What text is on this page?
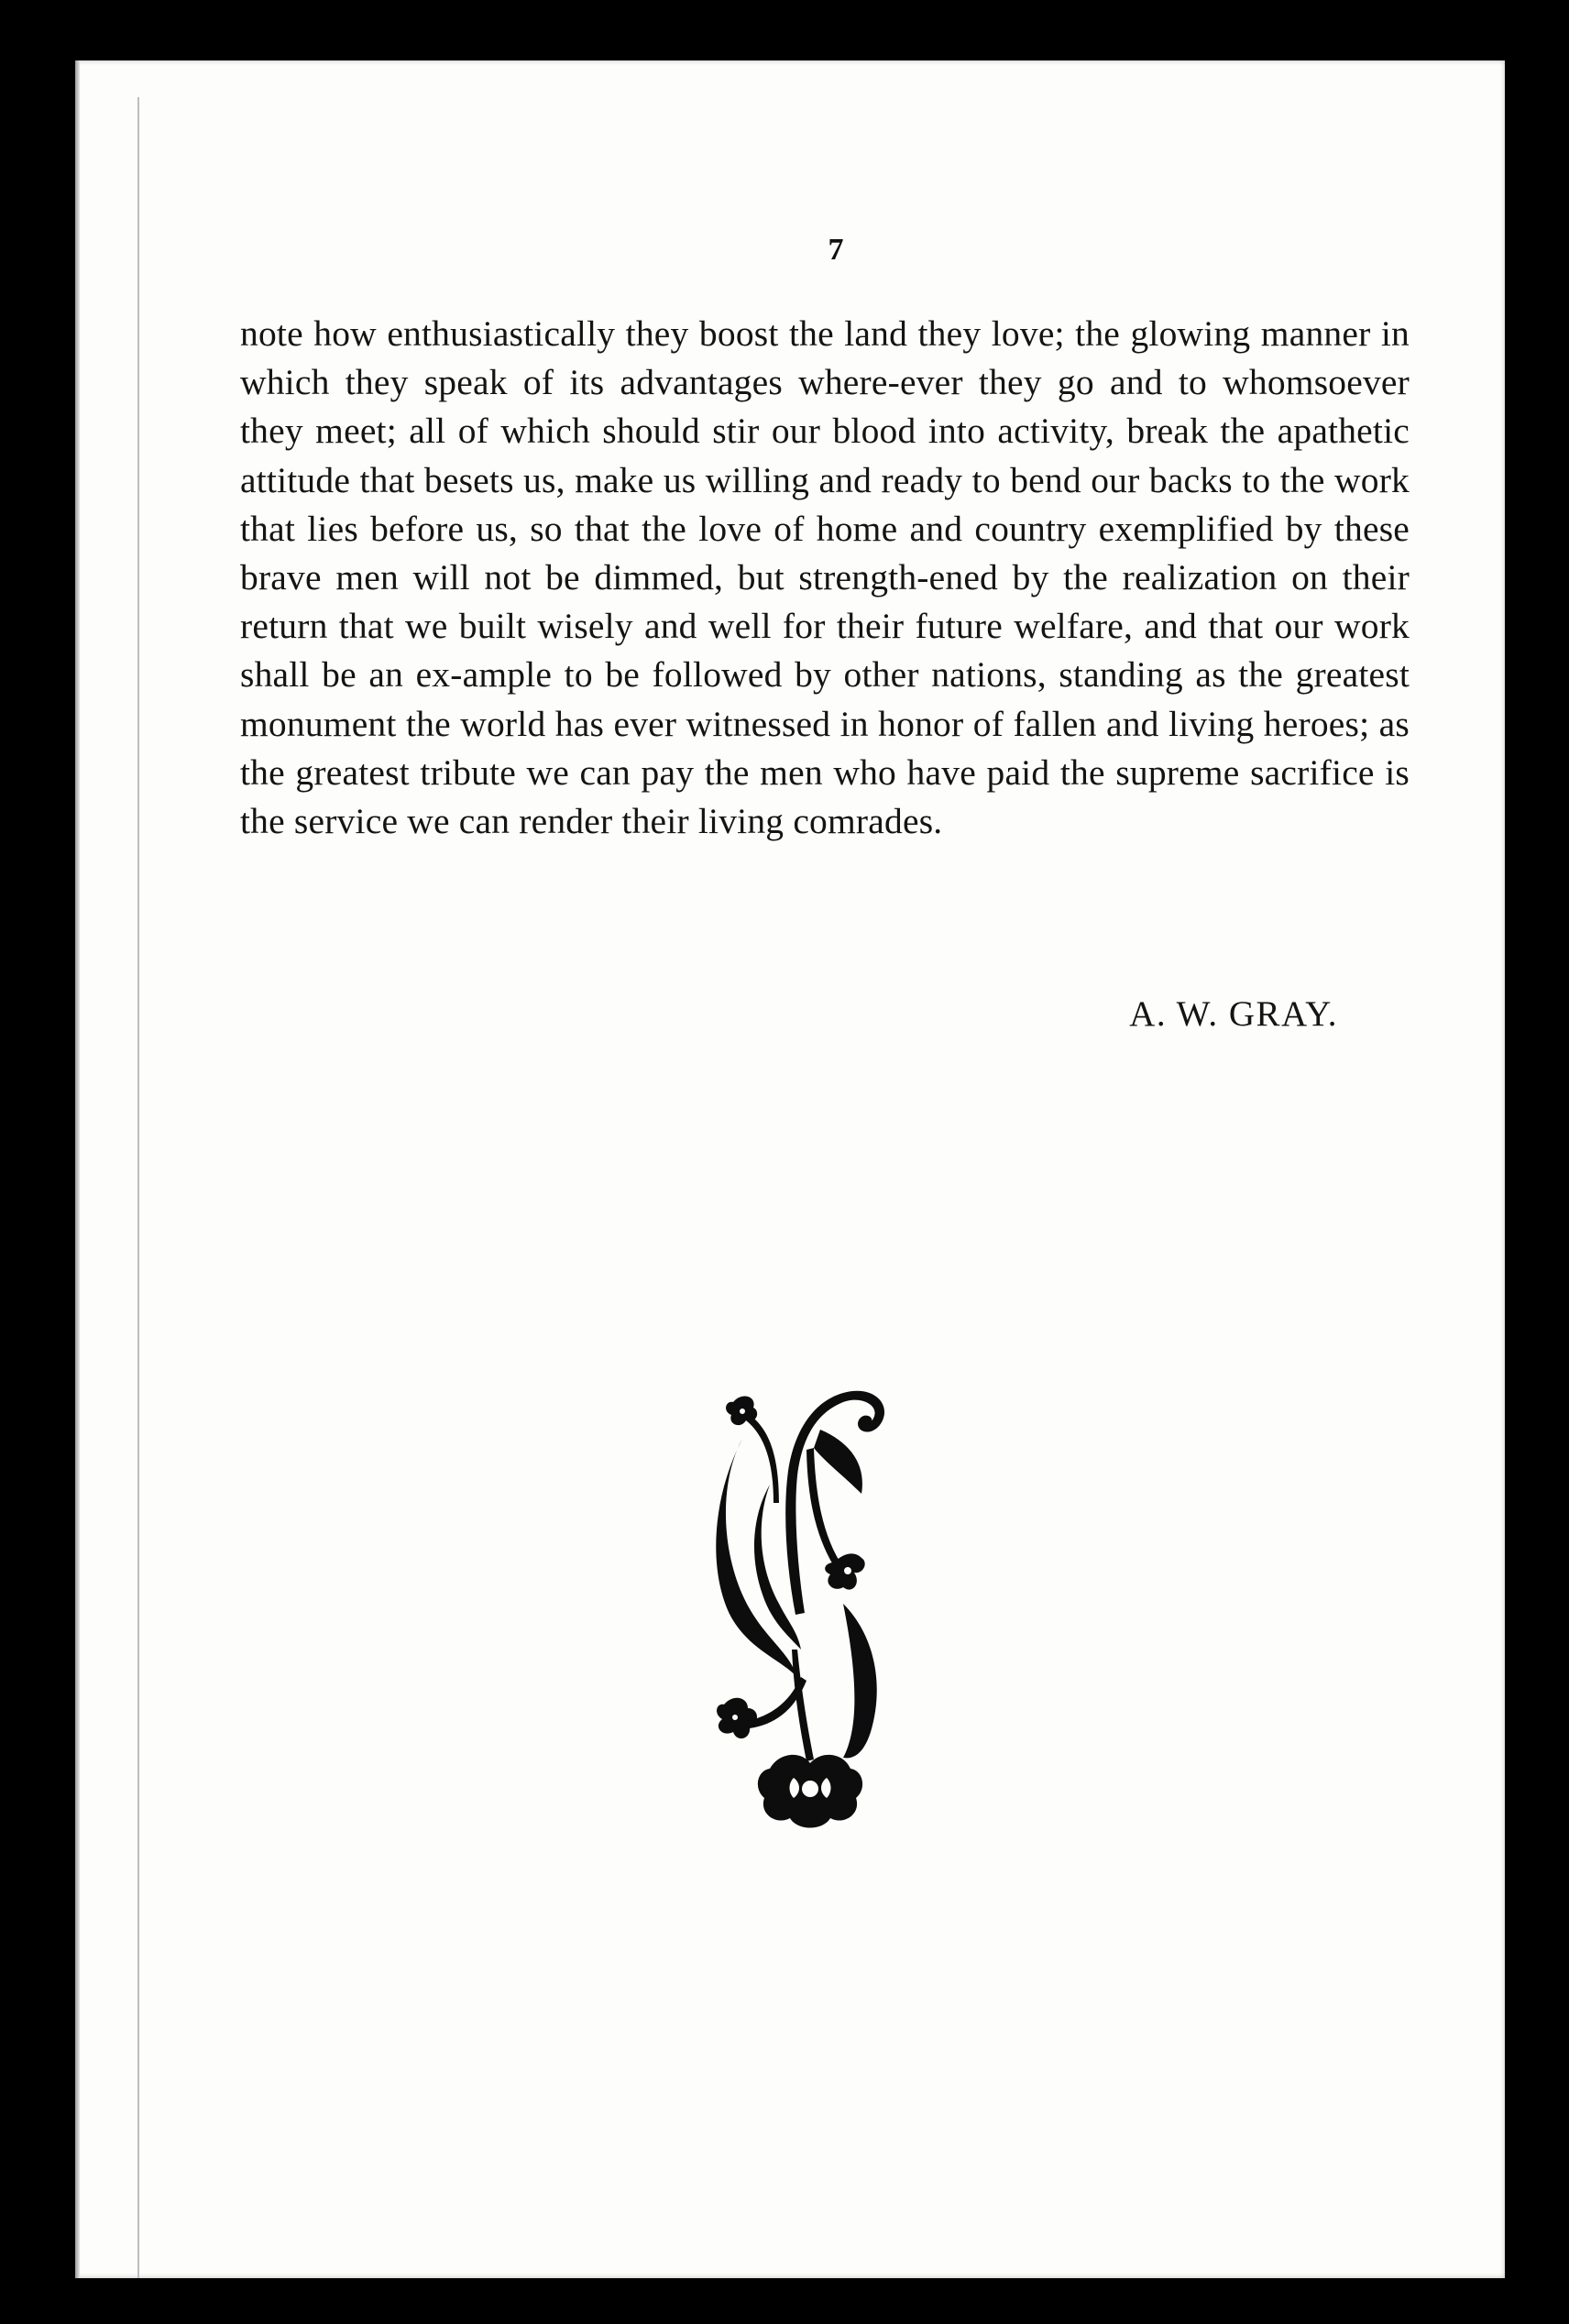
7
note how enthusiastically they boost the land they love; the glowing manner in which they speak of its advantages where-ever they go and to whomsoever they meet; all of which should stir our blood into activity, break the apathetic attitude that besets us, make us willing and ready to bend our backs to the work that lies before us, so that the love of home and country exemplified by these brave men will not be dimmed, but strength-ened by the realization on their return that we built wisely and well for their future welfare, and that our work shall be an ex-ample to be followed by other nations, standing as the greatest monument the world has ever witnessed in honor of fallen and living heroes; as the greatest tribute we can pay the men who have paid the supreme sacrifice is the service we can render their living comrades.
A. W. GRAY.
